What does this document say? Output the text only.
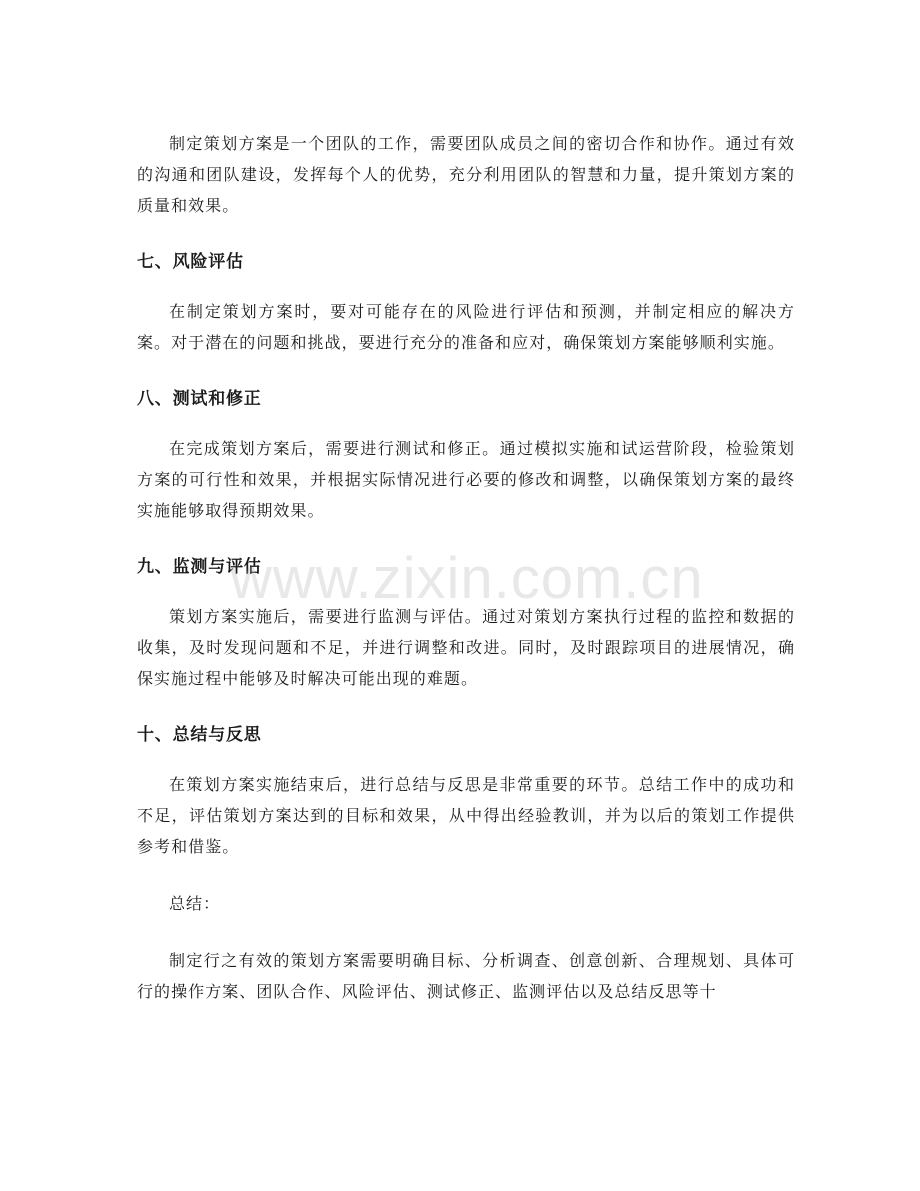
制定策划方案是一个团队的工作，需要团队成员之间的密切合作和协作。通过有效的沟通和团队建设，发挥每个人的优势，充分利用团队的智慧和力量，提升策划方案的质量和效果。

七、风险评估

在制定策划方案时，要对可能存在的风险进行评估和预测，并制定相应的解决方案。对于潜在的问题和挑战，要进行充分的准备和应对，确保策划方案能够顺利实施。

八、测试和修正

在完成策划方案后，需要进行测试和修正。通过模拟实施和试运营阶段，检验策划方案的可行性和效果，并根据实际情况进行必要的修改和调整，以确保策划方案的最终实施能够取得预期效果。

九、监测与评估

策划方案实施后，需要进行监测与评估。通过对策划方案执行过程的监控和数据的收集，及时发现问题和不足，并进行调整和改进。同时，及时跟踪项目的进展情况，确保实施过程中能够及时解决可能出现的难题。

十、总结与反思

在策划方案实施结束后，进行总结与反思是非常重要的环节。总结工作中的成功和不足，评估策划方案达到的目标和效果，从中得出经验教训，并为以后的策划工作提供参考和借鉴。

总结：

制定行之有效的策划方案需要明确目标、分析调查、创意创新、合理规划、具体可行的操作方案、团队合作、风险评估、测试修正、监测评估以及总结反思等十

www.zixin.com.cn
